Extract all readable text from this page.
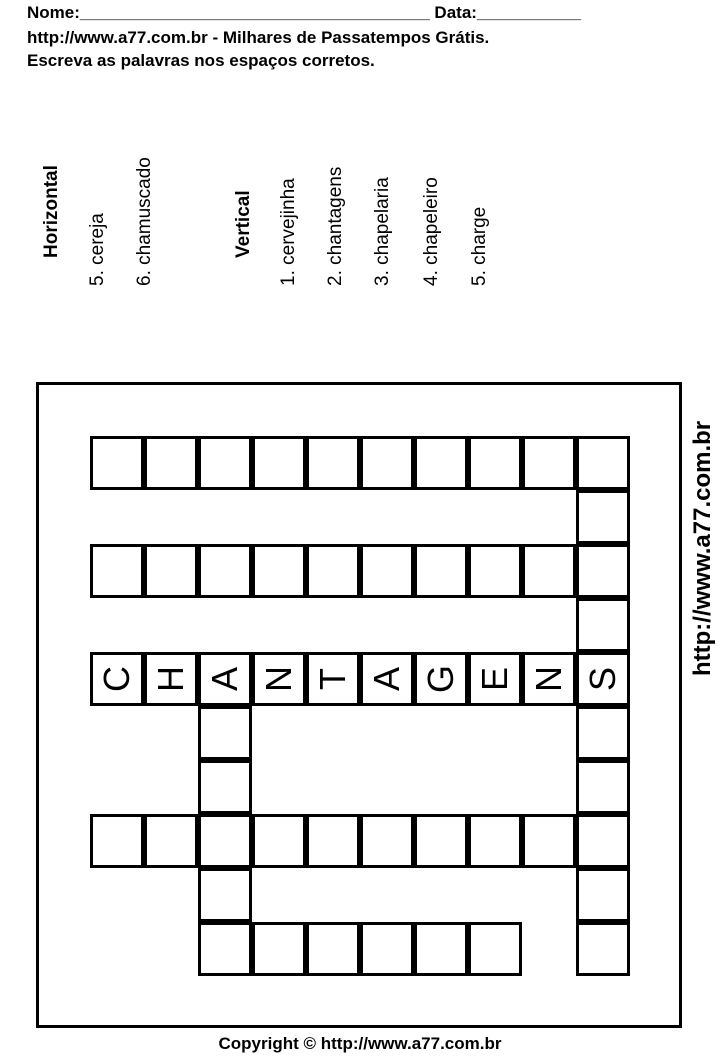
Nome:_____________________________________ Data:___________
http://www.a77.com.br - Milhares de Passatempos Grátis.
Escreva as palavras nos espaços corretos.
Horizontal 5. cereja 6. chamuscado	Vertical 1. cervejinha 2. chantagens 3. chapelaria 4. chapeleiro 5. charge
C H A N T A G E N S
http://www.a77.com.br
Copyright © http://www.a77.com.br
